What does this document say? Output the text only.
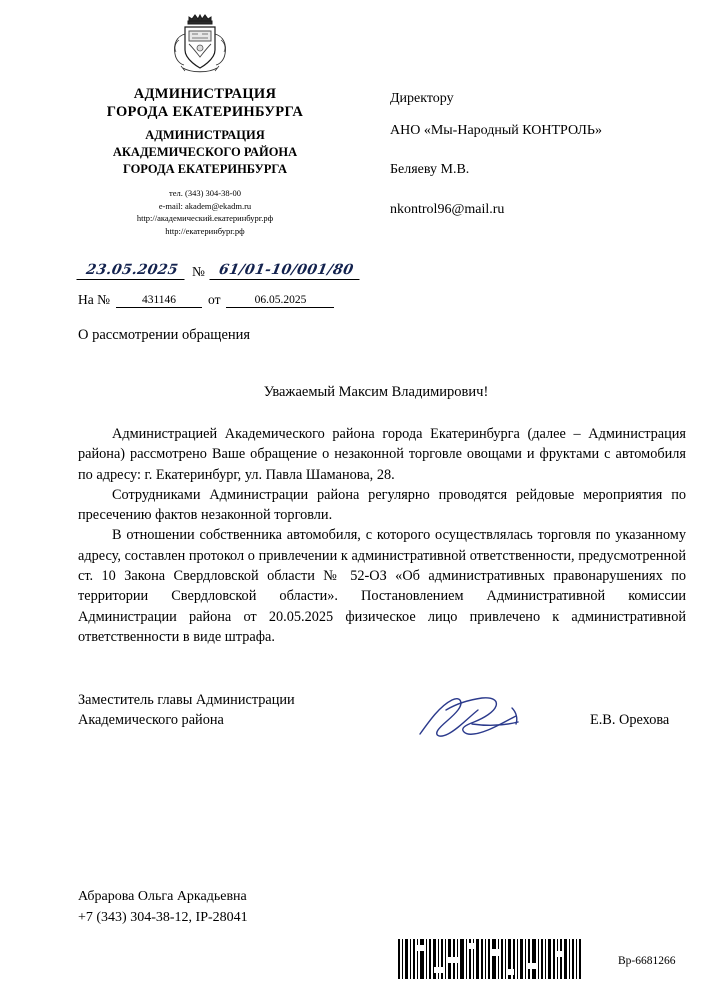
АДМИНИСТРАЦИЯ
ГОРОДА ЕКАТЕРИНБУРГА
АДМИНИСТРАЦИЯ
АКАДЕМИЧЕСКОГО РАЙОНА
ГОРОДА ЕКАТЕРИНБУРГА
тел. (343) 304-38-00
e-mail: akadem@ekadm.ru
http://академический.екатеринбург.рф
http://екатеринбург.рф
Директору
АНО «Мы-Народный КОНТРОЛЬ»
Беляеву М.В.
nkontrol96@mail.ru
23.05.2025 № 61/01-10/001/80
На №	431146	от	06.05.2025
О рассмотрении обращения
Уважаемый Максим Владимирович!

Администрацией Академического района города Екатеринбурга (далее – Администрация района) рассмотрено Ваше обращение о незаконной торговле овощами и фруктами с автомобиля по адресу: г. Екатеринбург, ул. Павла Шаманова, 28.

Сотрудниками Администрации района регулярно проводятся рейдовые мероприятия по пресечению фактов незаконной торговли.

В отношении собственника автомобиля, с которого осуществлялась торговля по указанному адресу, составлен протокол о привлечении к административной ответственности, предусмотренной ст. 10 Закона Свердловской области № 52-ОЗ «Об административных правонарушениях по территории Свердловской области». Постановлением Административной комиссии Администрации района от 20.05.2025 физическое лицо привлечено к административной ответственности в виде штрафа.

Заместитель главы Администрации
Академического района	Е.В. Орехова
Абрарова Ольга Аркадьевна
+7 (343) 304-38-12, IP-28041
Вр-6681266
